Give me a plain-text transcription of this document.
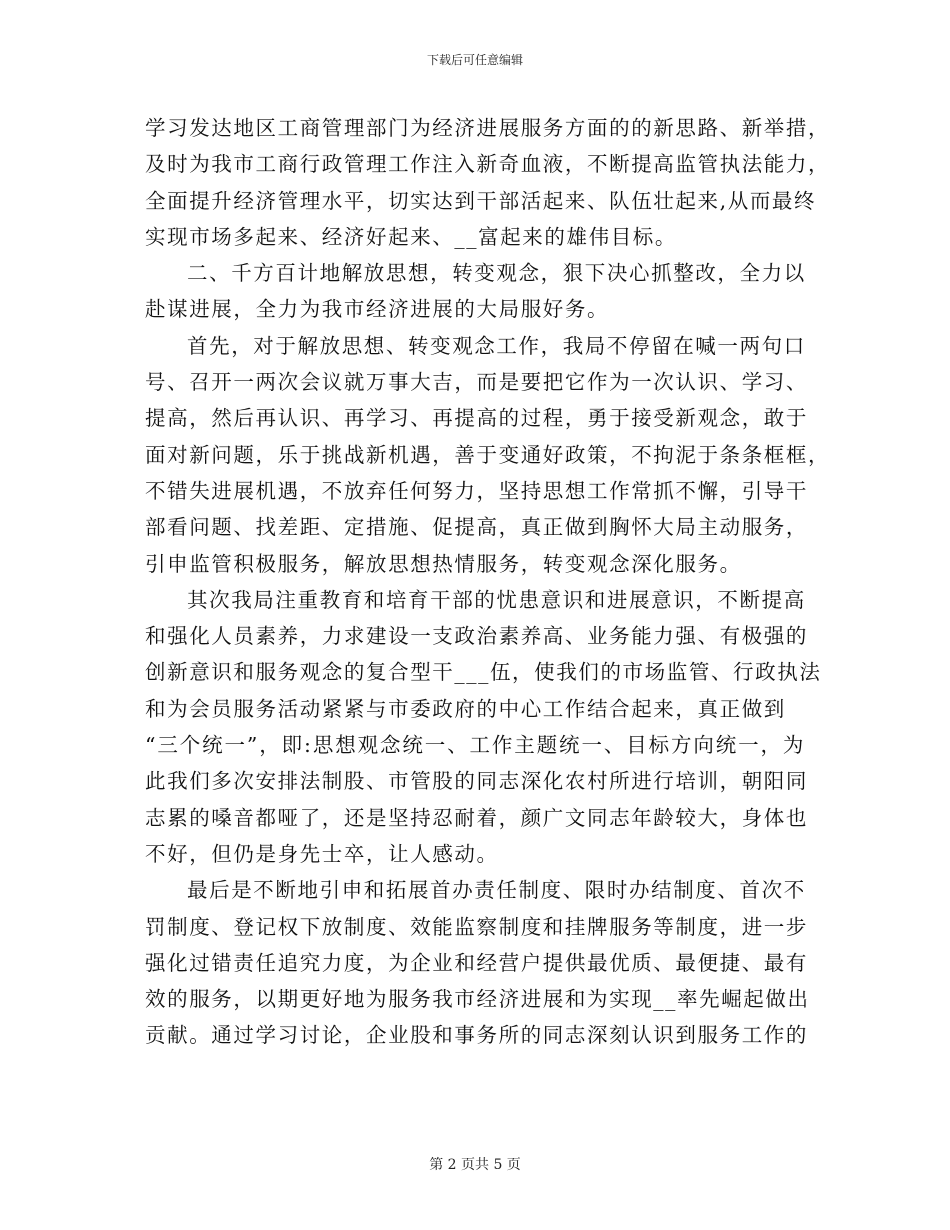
下载后可任意编辑
学习发达地区工商管理部门为经济进展服务方面的的新思路、新举措，
及时为我市工商行政管理工作注入新奇血液，不断提高监管执法能力，
全面提升经济管理水平，切实达到干部活起来、队伍壮起来,从而最终
实现市场多起来、经济好起来、__富起来的雄伟目标。
二、千方百计地解放思想，转变观念，狠下决心抓整改，全力以
赴谋进展，全力为我市经济进展的大局服好务。
首先，对于解放思想、转变观念工作，我局不停留在喊一两句口
号、召开一两次会议就万事大吉，而是要把它作为一次认识、学习、
提高，然后再认识、再学习、再提高的过程，勇于接受新观念，敢于
面对新问题，乐于挑战新机遇，善于变通好政策，不拘泥于条条框框，
不错失进展机遇，不放弃任何努力，坚持思想工作常抓不懈，引导干
部看问题、找差距、定措施、促提高，真正做到胸怀大局主动服务，
引申监管积极服务，解放思想热情服务，转变观念深化服务。
其次我局注重教育和培育干部的忧患意识和进展意识，不断提高
和强化人员素养，力求建设一支政治素养高、业务能力强、有极强的
创新意识和服务观念的复合型干___伍，使我们的市场监管、行政执法
和为会员服务活动紧紧与市委政府的中心工作结合起来，真正做到
“三个统一”，即:思想观念统一、工作主题统一、目标方向统一，为
此我们多次安排法制股、市管股的同志深化农村所进行培训，朝阳同
志累的嗓音都哑了，还是坚持忍耐着，颜广文同志年龄较大，身体也
不好，但仍是身先士卒，让人感动。
最后是不断地引申和拓展首办责任制度、限时办结制度、首次不
罚制度、登记权下放制度、效能监察制度和挂牌服务等制度，进一步
强化过错责任追究力度，为企业和经营户提供最优质、最便捷、最有
效的服务，以期更好地为服务我市经济进展和为实现__率先崛起做出
贡献。通过学习讨论，企业股和事务所的同志深刻认识到服务工作的
第 2 页共 5 页
